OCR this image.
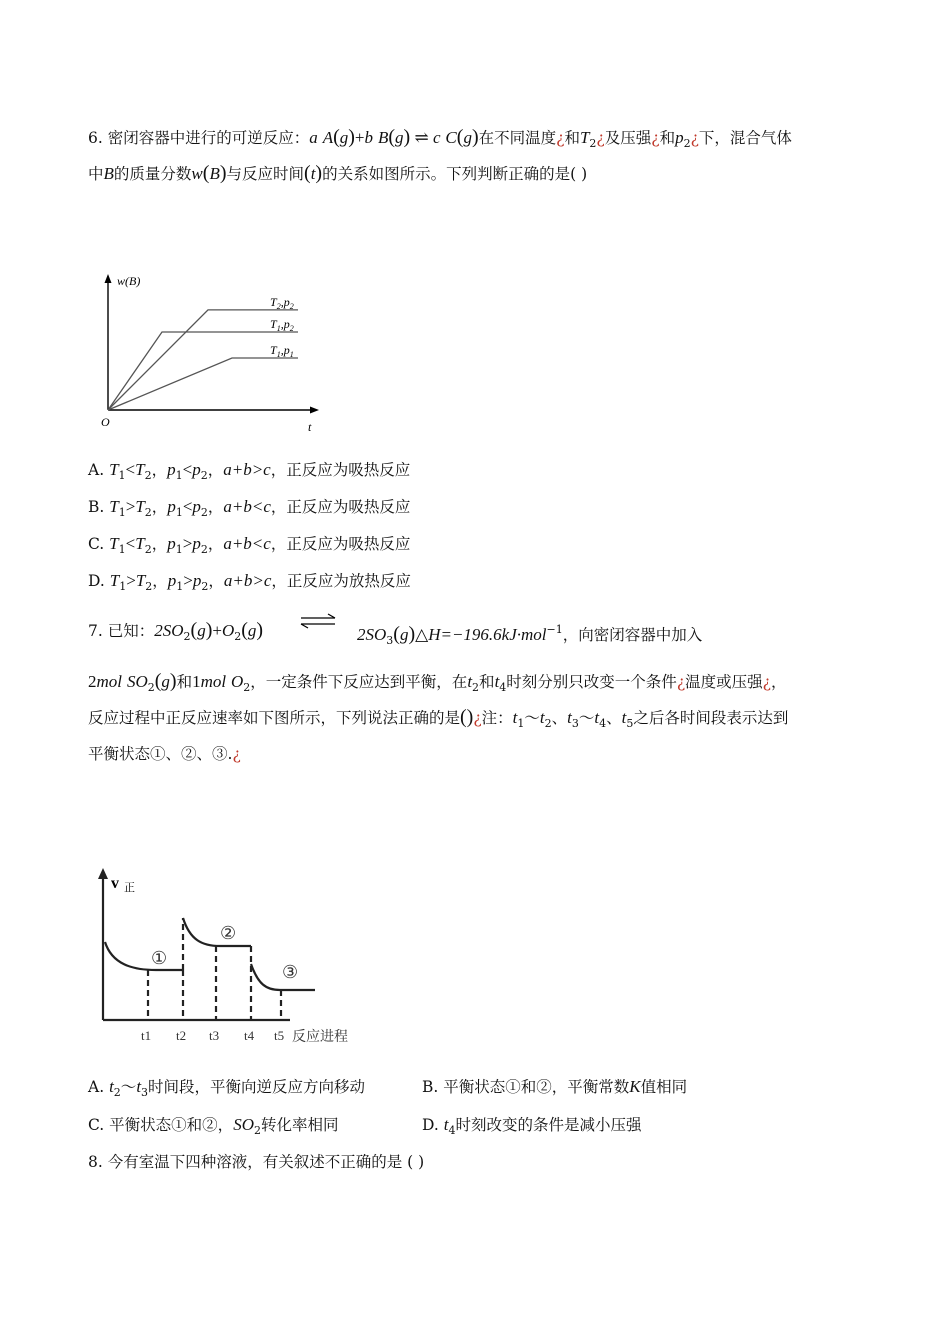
6. 密闭容器中进行的可逆反应：a A(g)+b B(g) ⇌ c C(g)在不同温度¿和$T_2¿$及压强¿和$p_2¿$下，混合气体
中B的质量分数w(B)与反应时间(t)的关系如图所示。下列判断正确的是( )
w(B)
O	t
$T_2,p_2$
$T_1,p_2$
$T_1,p_1$
A. $T_1<T_2$，$p_1<p_2$，a+b>c，正反应为吸热反应
B. $T_1>T_2$，$p_1<p_2$，a+b<c，正反应为吸热反应
C. $T_1<T_2$，$p_1>p_2$，a+b<c，正反应为吸热反应
D. $T_1>T_2$，$p_1>p_2$，a+b>c，正反应为放热反应
7. 已知：$2SO_2(g)+O_2(g)$	$2SO_3(g)\triangle H=-196.6kJ\cdot mol^{-1}$，向密闭容器中加入
2mol $SO_2(g)$和1mol $O_2$，一定条件下反应达到平衡，在$t_2$和$t_4$时刻分别只改变一个条件¿温度或压强¿，
反应过程中正反应速率如下图所示，下列说法正确的是()¿注：$t_1\sim t_2$、$t_3\sim t_4$、$t_5$之后各时间段表示达到
平衡状态①、②、③.¿
v 正
①
②
③
t1 t2 t3 t4 t5 反应进程
A. $t_2\sim t_3$时间段，平衡向逆反应方向移动	B. 平衡状态①和②，平衡常数K值相同
C. 平衡状态①和②，$SO_2$转化率相同	D. $t_4$时刻改变的条件是减小压强
8. 今有室温下四种溶液，有关叙述不正确的是 ( )
